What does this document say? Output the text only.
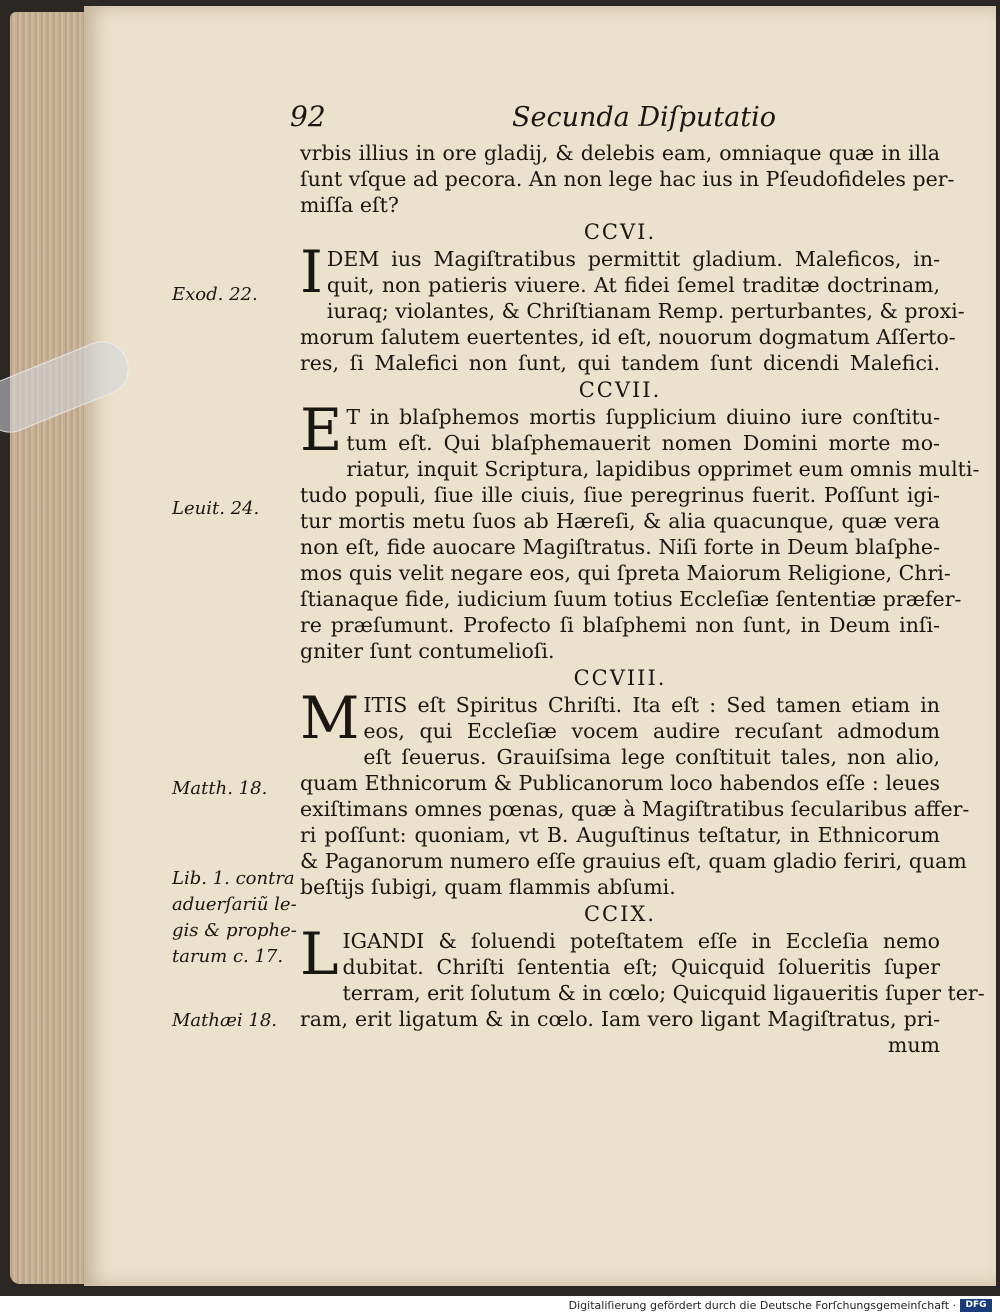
92	Secunda Diſputatio
vrbis illius in ore gladij, & delebis eam, omniaque quæ in illa
ſunt vſque ad pecora. An non lege hac ius in Pſeudofideles per-
miſſa eſt?
CCVI.
I DEM ius Magiſtratibus permittit gladium. Maleficos, in-
quit, non patieris viuere. At fidei ſemel traditæ doctrinam,
iuraq; violantes, & Chriſtianam Remp. perturbantes, & proxi-
morum ſalutem euertentes, id eſt, nouorum dogmatum Aſſerto-
res, ſi Malefici non ſunt, qui tandem ſunt dicendi Malefici.
CCVII.
E T in blaſphemos mortis ſupplicium diuino iure conſtitu-
tum eſt. Qui blaſphemauerit nomen Domini morte mo-
riatur, inquit Scriptura, lapidibus opprimet eum omnis multi-
tudo populi, ſiue ille ciuis, ſiue peregrinus fuerit. Poſſunt igi-
tur mortis metu ſuos ab Hæreſi, & alia quacunque, quæ vera
non eſt, fide auocare Magiſtratus. Niſi forte in Deum blaſphe-
mos quis velit negare eos, qui ſpreta Maiorum Religione, Chri-
ſtianaque fide, iudicium ſuum totius Eccleſiæ ſententiæ præfer-
re præſumunt. Profecto ſi blaſphemi non ſunt, in Deum inſi-
gniter ſunt contumelioſi.
CCVIII.
M ITIS eſt Spiritus Chriſti. Ita eſt : Sed tamen etiam in
eos, qui Eccleſiæ vocem audire recuſant admodum
eſt ſeuerus. Grauiſsima lege conſtituit tales, non alio,
quam Ethnicorum & Publicanorum loco habendos eſſe : leues
exiſtimans omnes pœnas, quæ à Magiſtratibus ſecularibus affer-
ri poſſunt: quoniam, vt B. Auguſtinus teſtatur, in Ethnicorum
& Paganorum numero eſſe grauius eſt, quam gladio feriri, quam
beſtijs ſubigi, quam flammis abſumi.
CCIX.
L IGANDI & ſoluendi poteſtatem eſſe in Eccleſia nemo
dubitat. Chriſti ſententia eſt; Quicquid ſolueritis ſuper
terram, erit ſolutum & in cœlo; Quicquid ligaueritis ſuper ter-
ram, erit ligatum & in cœlo. Iam vero ligant Magiſtratus, pri-
mum
Exod. 22.
Leuit. 24.
Matth. 18.
Lib. 1. contra
aduerſariũ le-
gis & prophe-
tarum c. 17.
Mathæi 18.
Digitaliſierung gefördert durch die Deutsche Forſchungsgemeinſchaft ·	DFG
